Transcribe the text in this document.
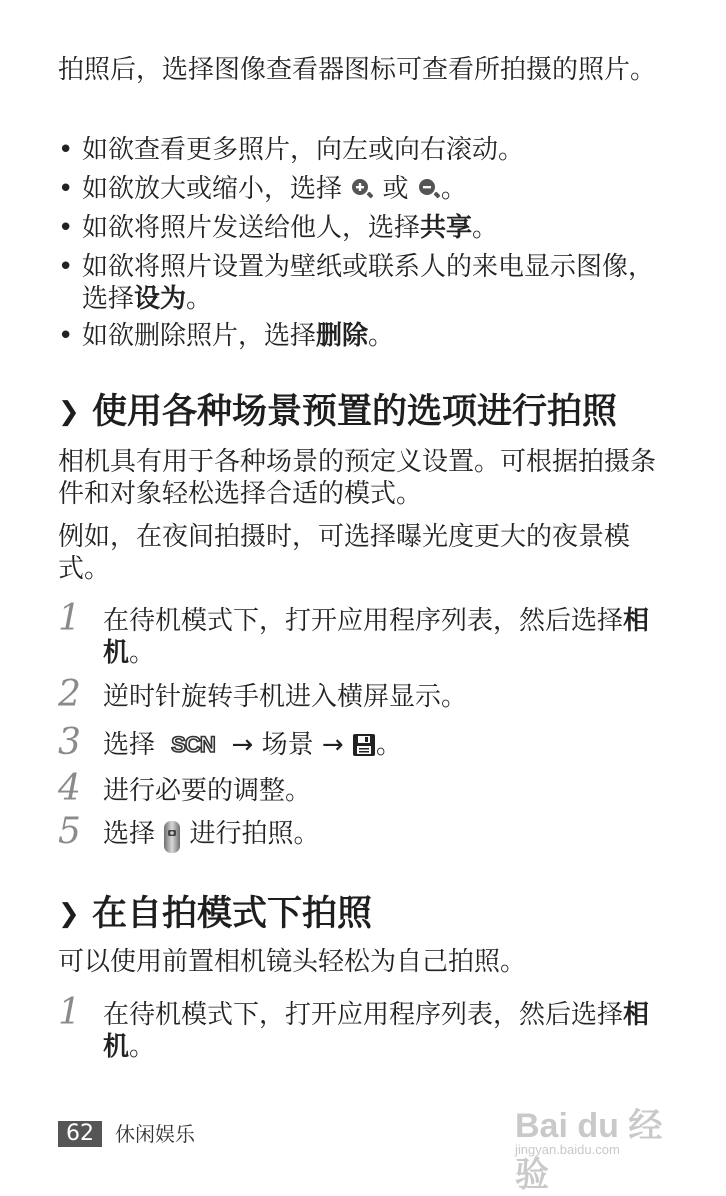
拍照后，选择图像查看器图标可查看所拍摄的照片。

• 如欲查看更多照片，向左或向右滚动。
• 如欲放大或缩小，选择 或 。
• 如欲将照片发送给他人，选择共享。
• 如欲将照片设置为壁纸或联系人的来电显示图像，选择设为。
• 如欲删除照片，选择删除。
❯ 使用各种场景预置的选项进行拍照

相机具有用于各种场景的预定义设置。可根据拍摄条件和对象轻松选择合适的模式。

例如，在夜间拍摄时，可选择曝光度更大的夜景模式。

1 在待机模式下，打开应用程序列表，然后选择相机。
2 逆时针旋转手机进入横屏显示。
3 选择 SCN → 场景 → 。
4 进行必要的调整。
5 选择 进行拍照。
❯ 在自拍模式下拍照

可以使用前置相机镜头轻松为自己拍照。

1 在待机模式下，打开应用程序列表，然后选择相机。
62	休闲娱乐	Bai du 经验
jingyan.baidu.com
